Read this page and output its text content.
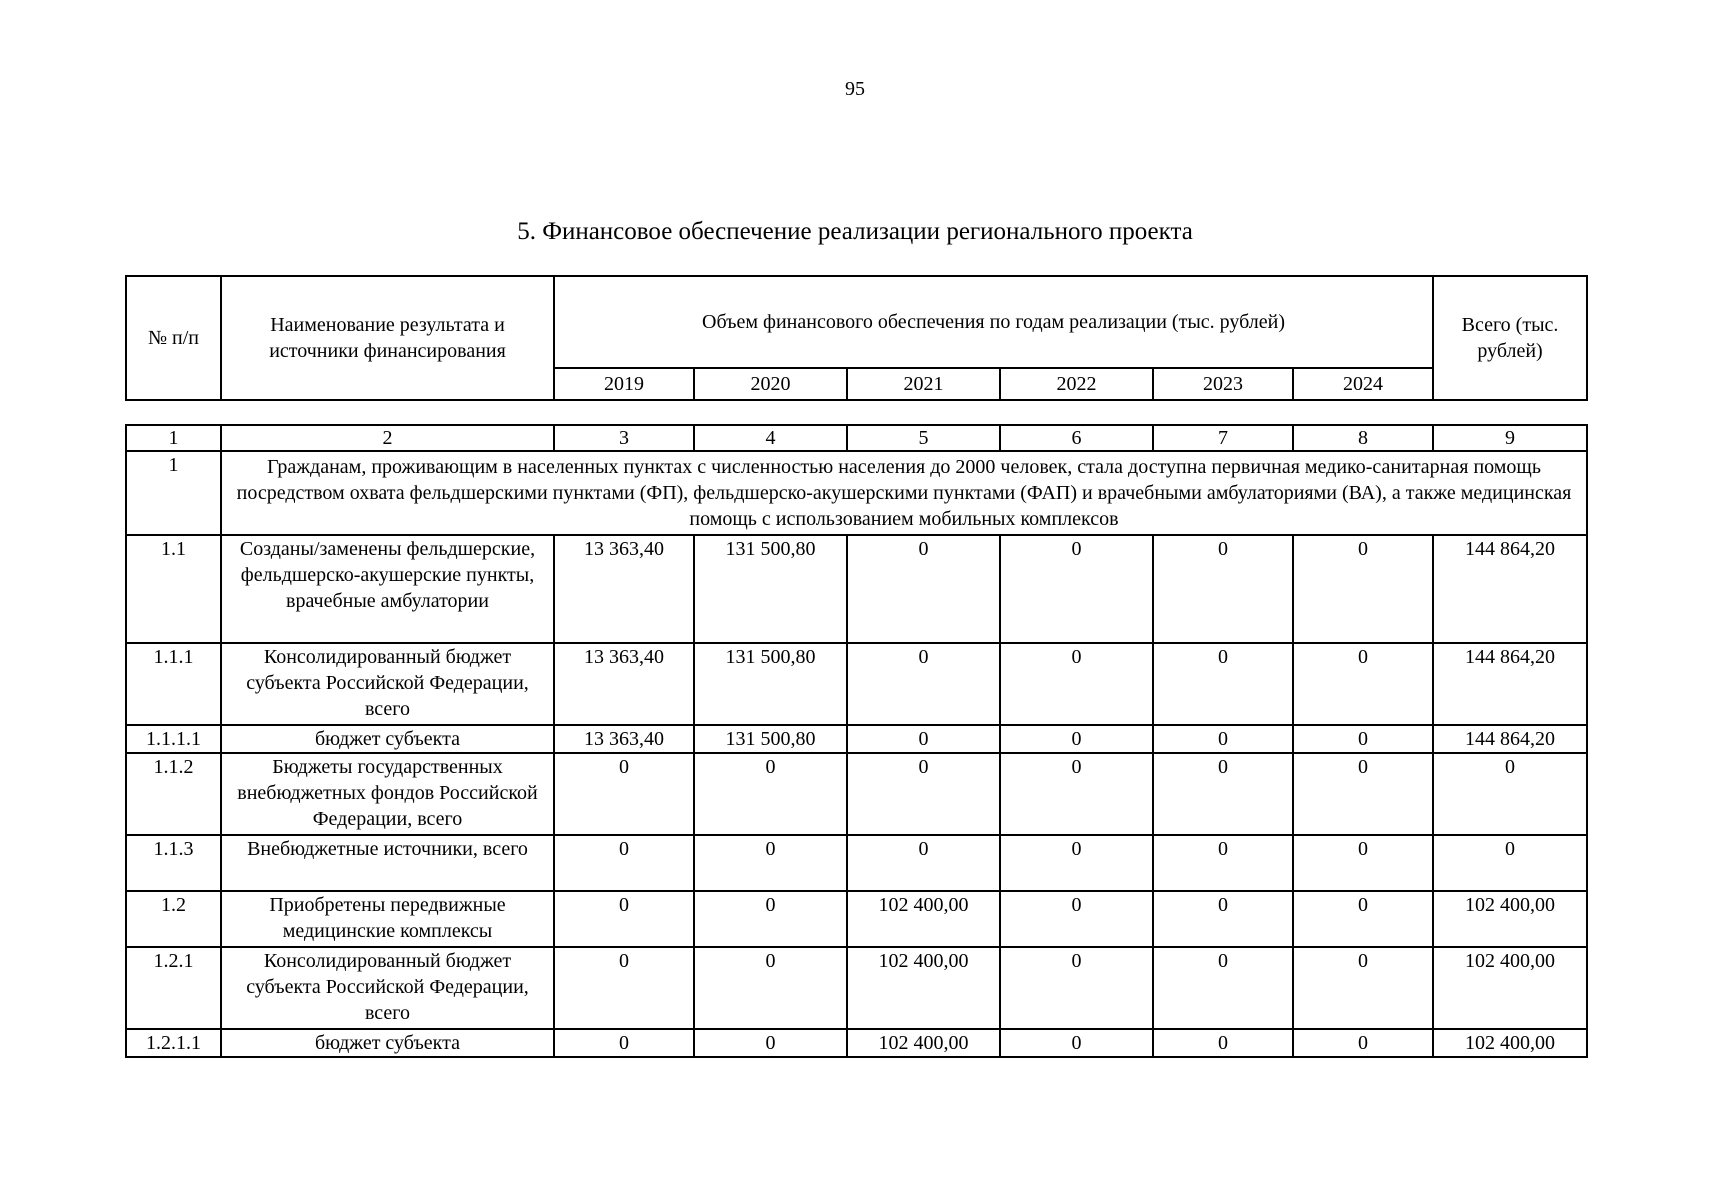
95
5. Финансовое обеспечение реализации регионального проекта
№ п/п	Наименование результата и источники финансирования	Объем финансового обеспечения по годам реализации (тыс. рублей)						Всего (тыс. рублей)
		2019	2020	2021	2022	2023	2024	
1	2	3	4	5	6	7	8	9
1	Гражданам, проживающим в населенных пунктах с численностью населения до 2000 человек, стала доступна первичная медико-санитарная помощь посредством охвата фельдшерскими пунктами (ФП), фельдшерско-акушерскими пунктами (ФАП) и врачебными амбулаториями (ВА), а также медицинская помощь с использованием мобильных комплексов							
1.1	Созданы/заменены фельдшерские, фельдшерско-акушерские пункты, врачебные амбулатории	13 363,40	131 500,80	0	0	0	0	144 864,20
1.1.1	Консолидированный бюджет субъекта Российской Федерации, всего	13 363,40	131 500,80	0	0	0	0	144 864,20
1.1.1.1	бюджет субъекта	13 363,40	131 500,80	0	0	0	0	144 864,20
1.1.2	Бюджеты государственных внебюджетных фондов Российской Федерации, всего	0	0	0	0	0	0	0
1.1.3	Внебюджетные источники, всего	0	0	0	0	0	0	0
1.2	Приобретены передвижные медицинские комплексы	0	0	102 400,00	0	0	0	102 400,00
1.2.1	Консолидированный бюджет субъекта Российской Федерации, всего	0	0	102 400,00	0	0	0	102 400,00
1.2.1.1	бюджет субъекта	0	0	102 400,00	0	0	0	102 400,00
